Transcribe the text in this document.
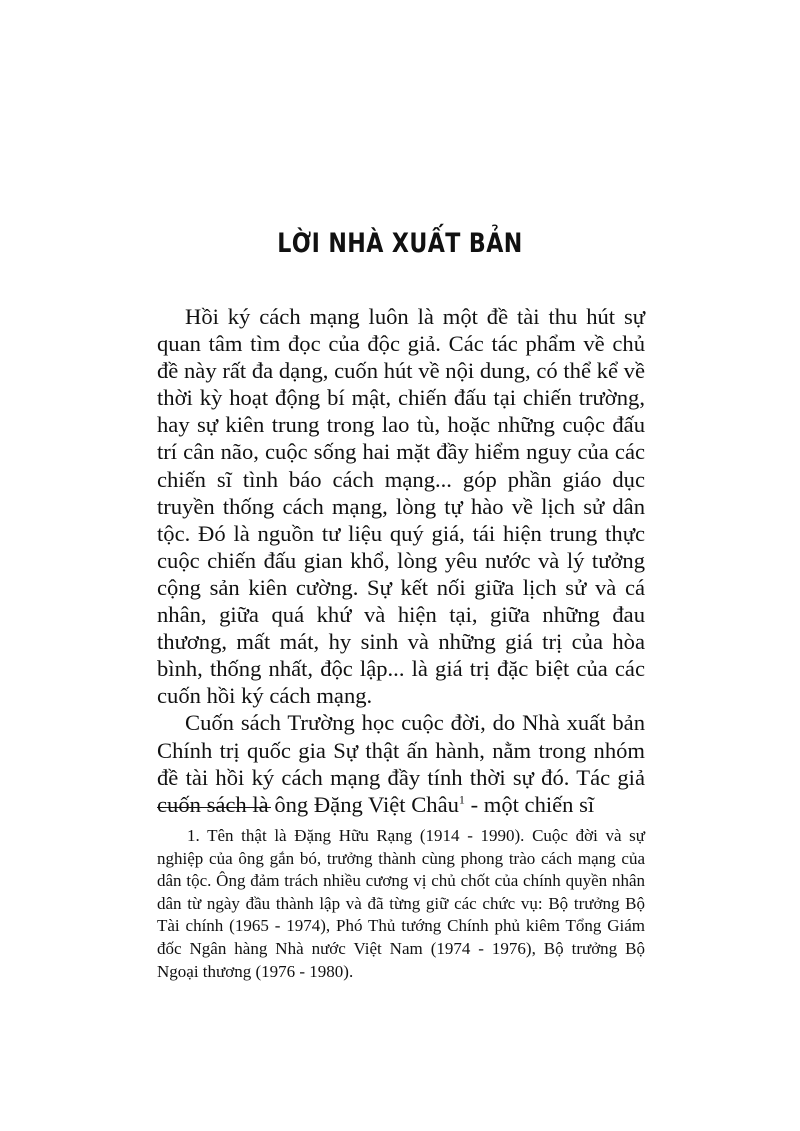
LỜI NHÀ XUẤT BẢN

Hồi ký cách mạng luôn là một đề tài thu hút sự quan tâm tìm đọc của độc giả. Các tác phẩm về chủ đề này rất đa dạng, cuốn hút về nội dung, có thể kể về thời kỳ hoạt động bí mật, chiến đấu tại chiến trường, hay sự kiên trung trong lao tù, hoặc những cuộc đấu trí cân não, cuộc sống hai mặt đầy hiểm nguy của các chiến sĩ tình báo cách mạng... góp phần giáo dục truyền thống cách mạng, lòng tự hào về lịch sử dân tộc. Đó là nguồn tư liệu quý giá, tái hiện trung thực cuộc chiến đấu gian khổ, lòng yêu nước và lý tưởng cộng sản kiên cường. Sự kết nối giữa lịch sử và cá nhân, giữa quá khứ và hiện tại, giữa những đau thương, mất mát, hy sinh và những giá trị của hòa bình, thống nhất, độc lập... là giá trị đặc biệt của các cuốn hồi ký cách mạng.

Cuốn sách Trường học cuộc đời, do Nhà xuất bản Chính trị quốc gia Sự thật ấn hành, nằm trong nhóm đề tài hồi ký cách mạng đầy tính thời sự đó. Tác giả cuốn sách là ông Đặng Việt Châu$^1$ - một chiến sĩ

1. Tên thật là Đặng Hữu Rạng (1914 - 1990). Cuộc đời và sự nghiệp của ông gắn bó, trưởng thành cùng phong trào cách mạng của dân tộc. Ông đảm trách nhiều cương vị chủ chốt của chính quyền nhân dân từ ngày đầu thành lập và đã từng giữ các chức vụ: Bộ trưởng Bộ Tài chính (1965 - 1974), Phó Thủ tướng Chính phủ kiêm Tổng Giám đốc Ngân hàng Nhà nước Việt Nam (1974 - 1976), Bộ trưởng Bộ Ngoại thương (1976 - 1980).
